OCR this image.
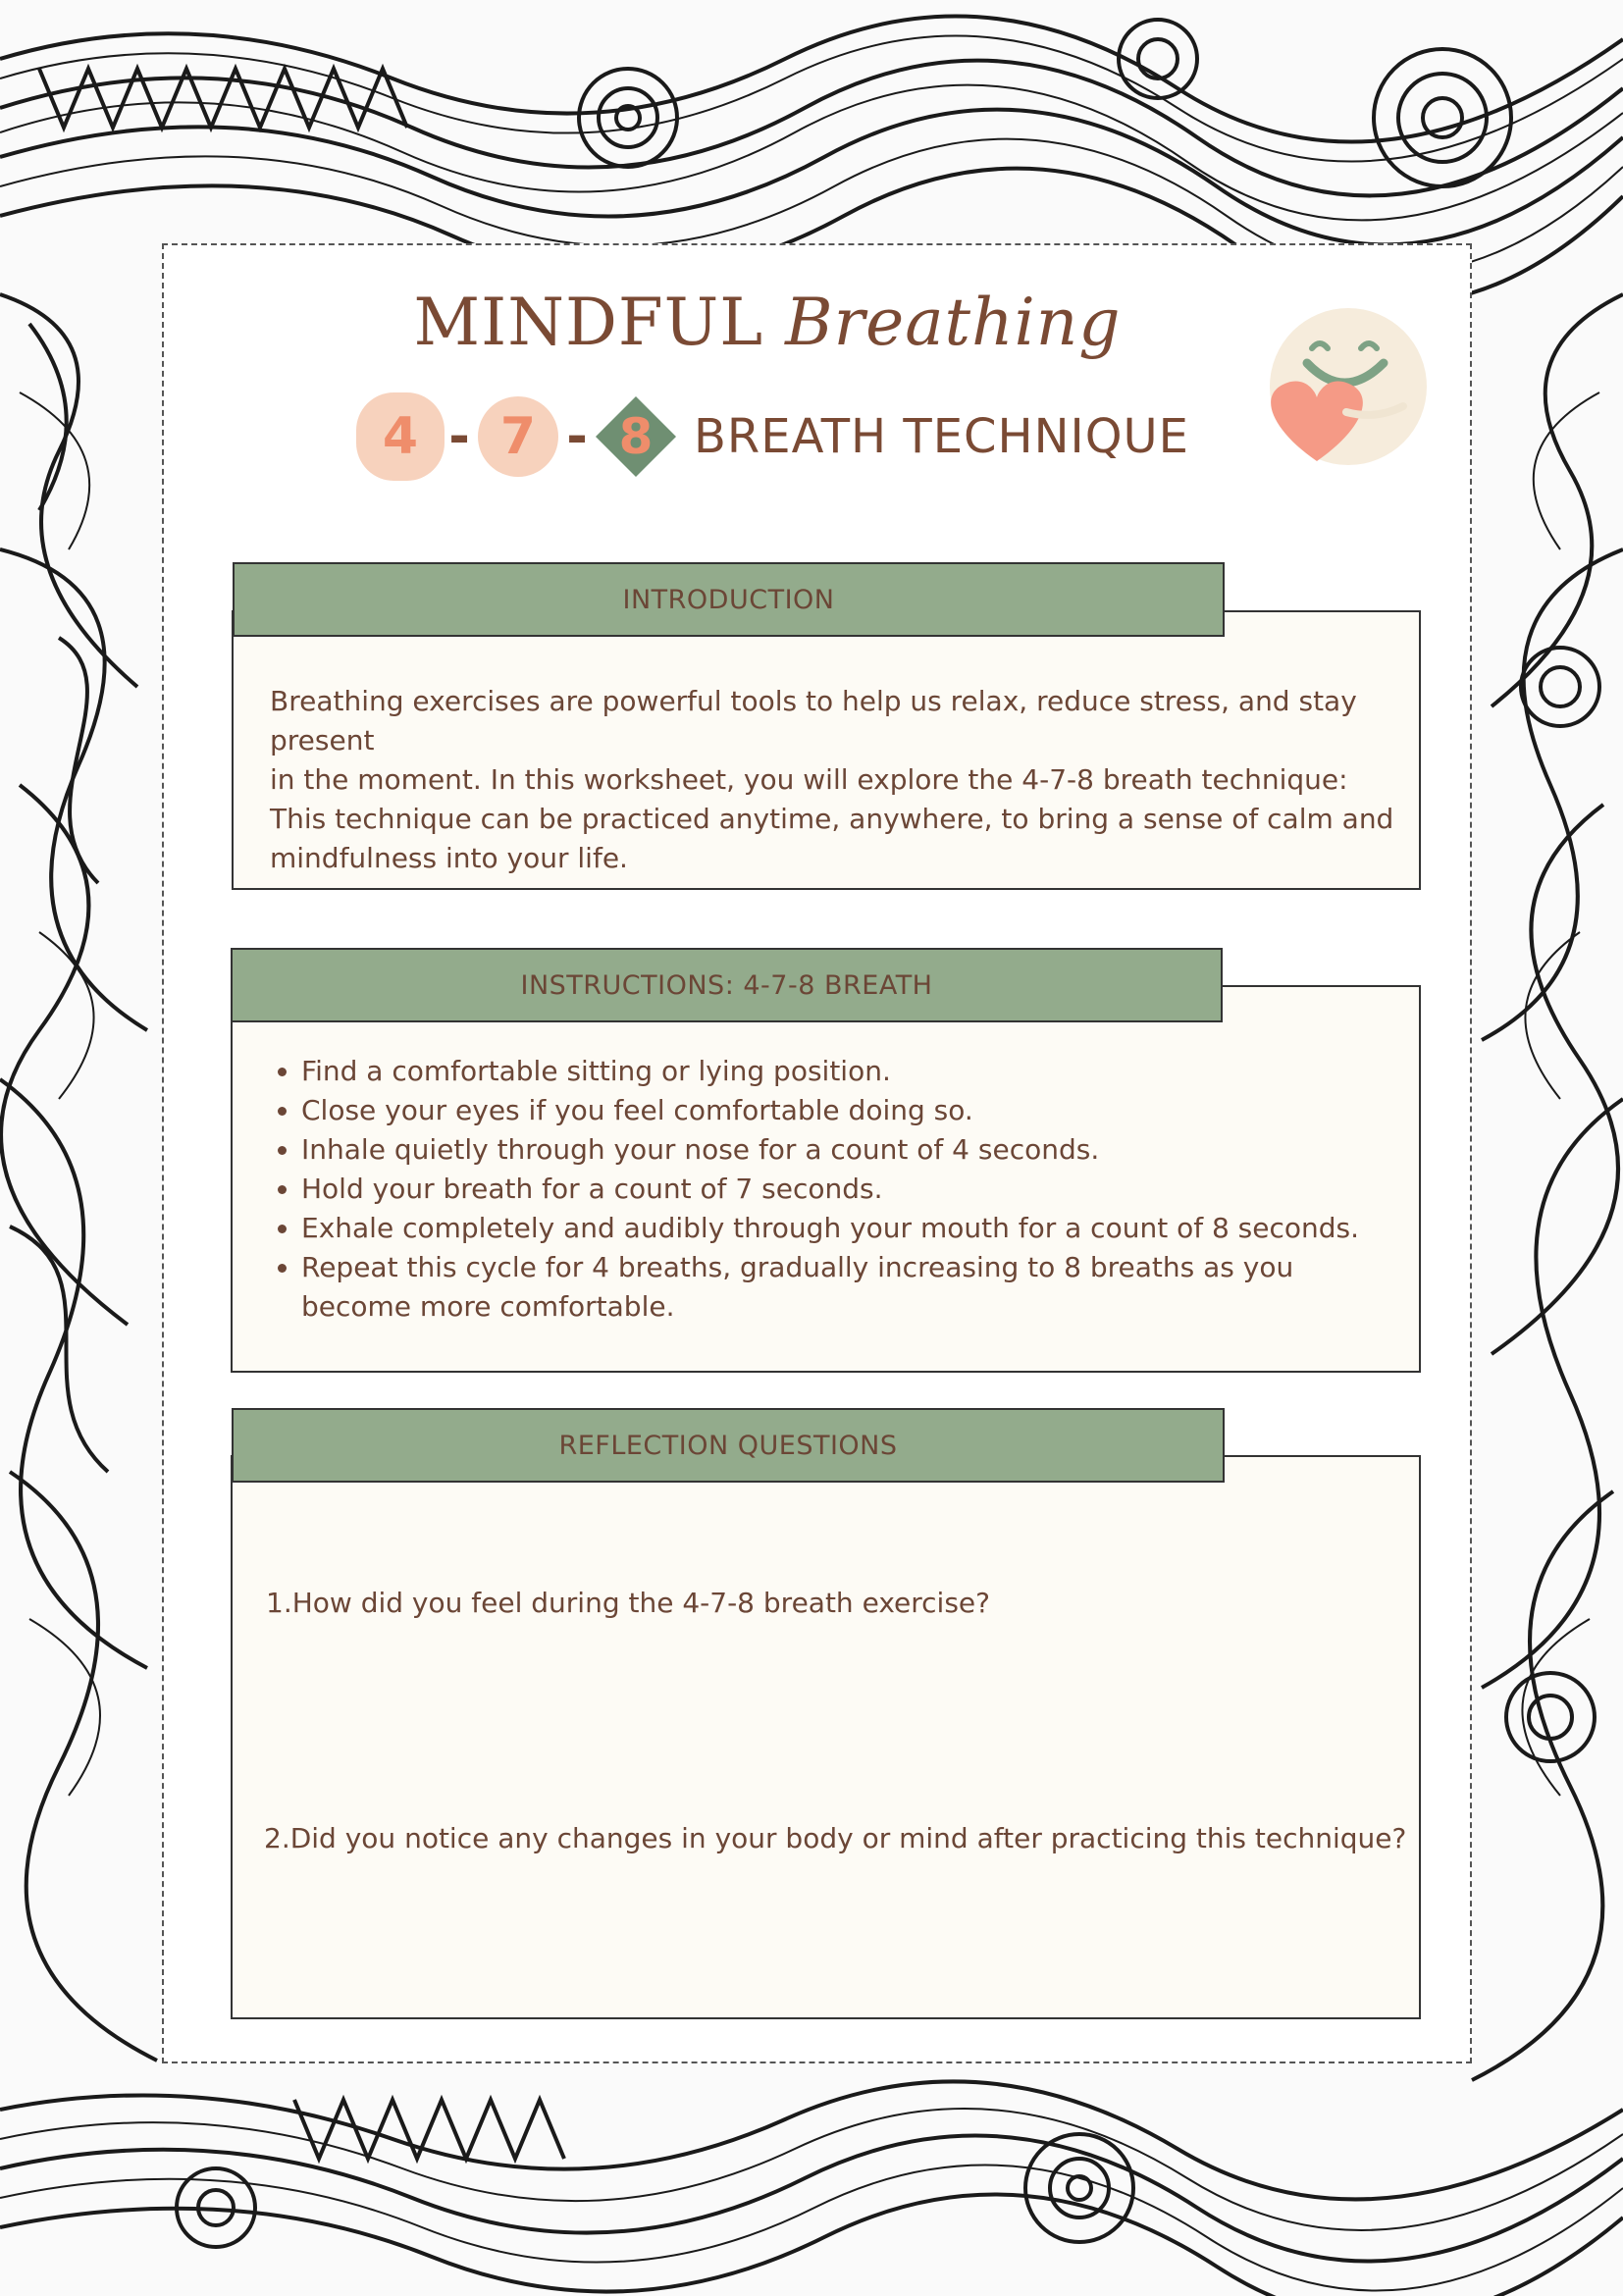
MINDFUL Breathing
4 - 7 - 8 BREATH TECHNIQUE
INTRODUCTION
Breathing exercises are powerful tools to help us relax, reduce stress, and stay present
in the moment. In this worksheet, you will explore the 4-7-8 breath technique:
This technique can be practiced anytime, anywhere, to bring a sense of calm and
mindfulness into your life.
INSTRUCTIONS: 4-7-8 BREATH
• Find a comfortable sitting or lying position.
• Close your eyes if you feel comfortable doing so.
• Inhale quietly through your nose for a count of 4 seconds.
• Hold your breath for a count of 7 seconds.
• Exhale completely and audibly through your mouth for a count of 8 seconds.
• Repeat this cycle for 4 breaths, gradually increasing to 8 breaths as you become more comfortable.
REFLECTION QUESTIONS
1.How did you feel during the 4-7-8 breath exercise?
2.Did you notice any changes in your body or mind after practicing this technique?
